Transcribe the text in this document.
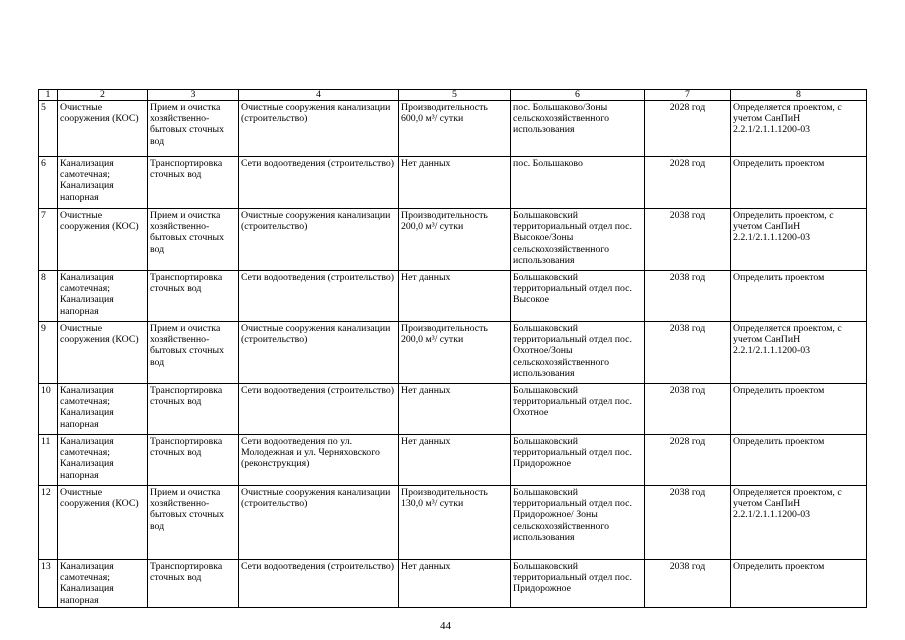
1	2	3	4	5	6	7	8
5	Очистные сооружения (КОС)	Прием и очистка хозяйственно-бытовых сточных вод	Очистные сооружения канализации (строительство)	Производительность 600,0 м³/ сутки	пос. Большаково/Зоны сельскохозяйственного использования	2028 год	Определяется проектом, с учетом СанПиН 2.2.1/2.1.1.1200-03
6	Канализация самотечная; Канализация напорная	Транспортировка сточных вод	Сети водоотведения (строительство)	Нет данных	пос. Большаково	2028 год	Определить проектом
7	Очистные сооружения (КОС)	Прием и очистка хозяйственно-бытовых сточных вод	Очистные сооружения канализации (строительство)	Производительность 200,0 м³/ сутки	Большаковский территориальный отдел пос. Высокое/Зоны сельскохозяйственного использования	2038 год	Определить проектом, с учетом СанПиН 2.2.1/2.1.1.1200-03
8	Канализация самотечная; Канализация напорная	Транспортировка сточных вод	Сети водоотведения (строительство)	Нет данных	Большаковский территориальный отдел пос. Высокое	2038 год	Определить проектом
9	Очистные сооружения (КОС)	Прием и очистка хозяйственно-бытовых сточных вод	Очистные сооружения канализации (строительство)	Производительность 200,0 м³/ сутки	Большаковский территориальный отдел пос. Охотное/Зоны сельскохозяйственного использования	2038 год	Определяется проектом, с учетом СанПиН 2.2.1/2.1.1.1200-03
10	Канализация самотечная; Канализация напорная	Транспортировка сточных вод	Сети водоотведения (строительство)	Нет данных	Большаковский территориальный отдел пос. Охотное	2038 год	Определить проектом
11	Канализация самотечная; Канализация напорная	Транспортировка сточных вод	Сети водоотведения по ул. Молодежная и ул. Черняховского (реконструкция)	Нет данных	Большаковский территориальный отдел пос. Придорожное	2028 год	Определить проектом
12	Очистные сооружения (КОС)	Прием и очистка хозяйственно-бытовых сточных вод	Очистные сооружения канализации (строительство)	Производительность 130,0 м³/ сутки	Большаковский территориальный отдел пос. Придорожное/ Зоны сельскохозяйственного использования	2038 год	Определяется проектом, с учетом СанПиН 2.2.1/2.1.1.1200-03
13	Канализация самотечная; Канализация напорная	Транспортировка сточных вод	Сети водоотведения (строительство)	Нет данных	Большаковский территориальный отдел пос. Придорожное	2038 год	Определить проектом
44
